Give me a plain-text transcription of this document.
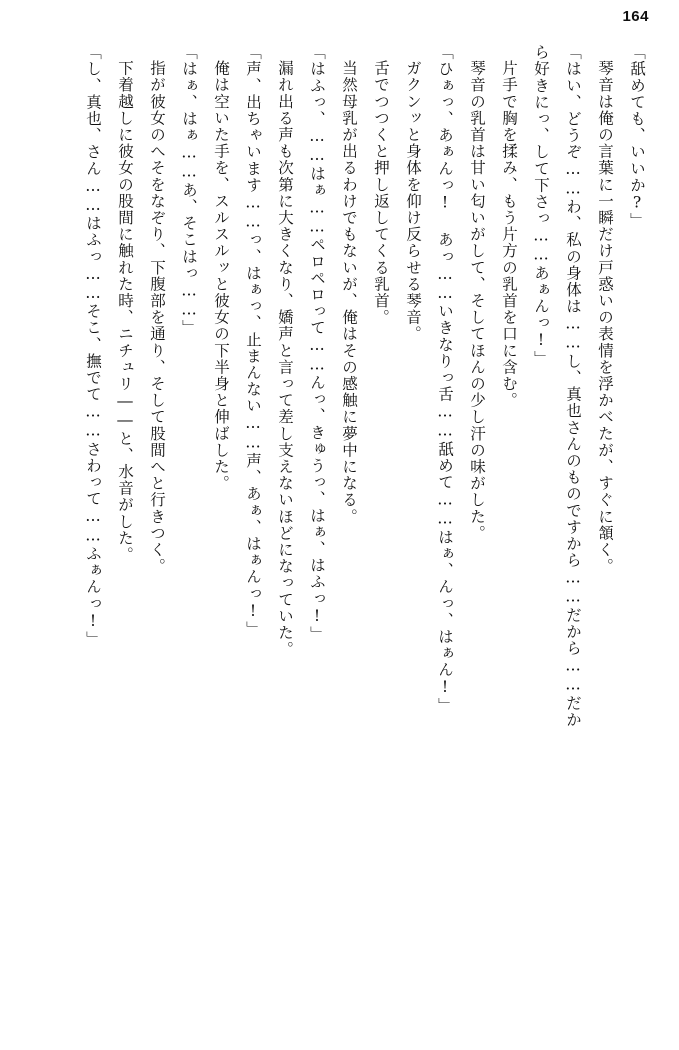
164
「舐めても、いいか?」
琴音は俺の言葉に一瞬だけ戸惑いの表情を浮かべたが、すぐに頷く。
「はい、どうぞ……わ、私の身体は……し、真也さんのものですから……だから……だか
ら好きにっ、して下さっ……あぁんっ!」
片手で胸を揉み、もう片方の乳首を口に含む。
琴音の乳首は甘い匂いがして、そしてほんの少し汗の味がした。
「ひぁっ、あぁんっ! あっ……いきなりっ舌……舐めて……はぁ、んっ、はぁん!」
ガクンッと身体を仰け反らせる琴音。
舌でつつくと押し返してくる乳首。
当然母乳が出るわけでもないが、俺はその感触に夢中になる。
「はふっ、……はぁ……ペロペロって……んっ、きゅうっ、はぁ、はふっ!」
漏れ出る声も次第に大きくなり、嬌声と言って差し支えないほどになっていた。
「声、出ちゃいます……っ、はぁっ、止まんない……声、あぁ、はぁんっ!」
俺は空いた手を、スルスルッと彼女の下半身と伸ばした。
「はぁ、はぁ……あ、そこはっ……」
指が彼女のへそをなぞり、下腹部を通り、そして股間へと行きつく。
下着越しに彼女の股間に触れた時、ニチュリ――と、水音がした。
「し、真也、さん……はふっ……そこ、撫でて……さわって……ふぁんっ!」
